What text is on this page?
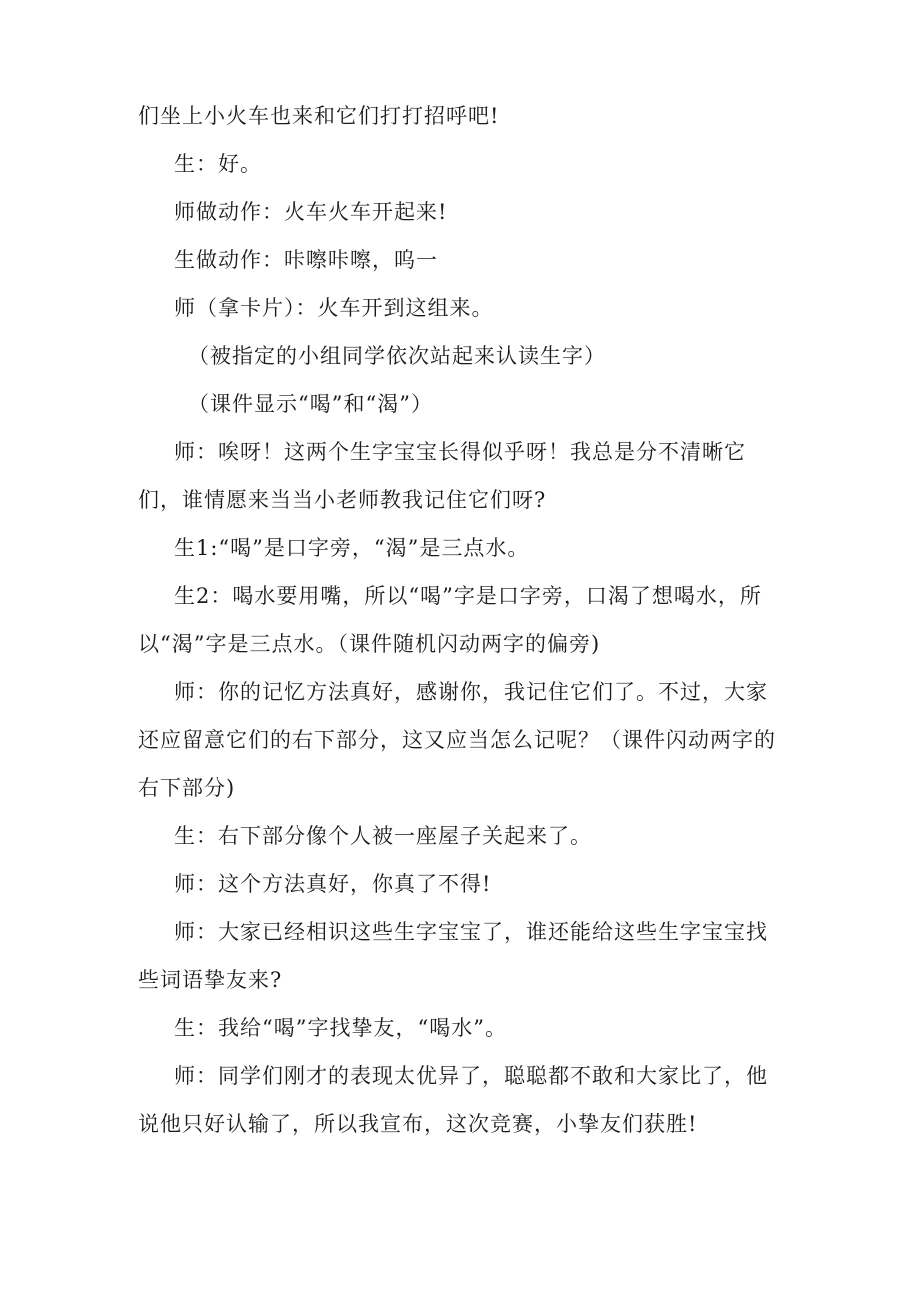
们坐上小火车也来和它们打打招呼吧!

生：好。

师做动作：火车火车开起来!

生做动作：咔嚓咔嚓，呜一

师（拿卡片）：火车开到这组来。

（被指定的小组同学依次站起来认读生字）

（课件显示“喝”和“渴”）

师：唉呀！这两个生字宝宝长得似乎呀！我总是分不清晰它们，谁情愿来当当小老师教我记住它们呀?

生1:“喝”是口字旁，“渴”是三点水。

生2：喝水要用嘴，所以“喝”字是口字旁，口渴了想喝水，所以“渴”字是三点水。（课件随机闪动两字的偏旁)

师：你的记忆方法真好，感谢你，我记住它们了。不过，大家还应留意它们的右下部分，这又应当怎么记呢？（课件闪动两字的右下部分)

生：右下部分像个人被一座屋子关起来了。

师：这个方法真好，你真了不得!

师：大家已经相识这些生字宝宝了，谁还能给这些生字宝宝找些词语挚友来?

生：我给“喝”字找挚友，“喝水”。

师：同学们刚才的表现太优异了，聪聪都不敢和大家比了，他说他只好认输了，所以我宣布，这次竞赛，小挚友们获胜!
